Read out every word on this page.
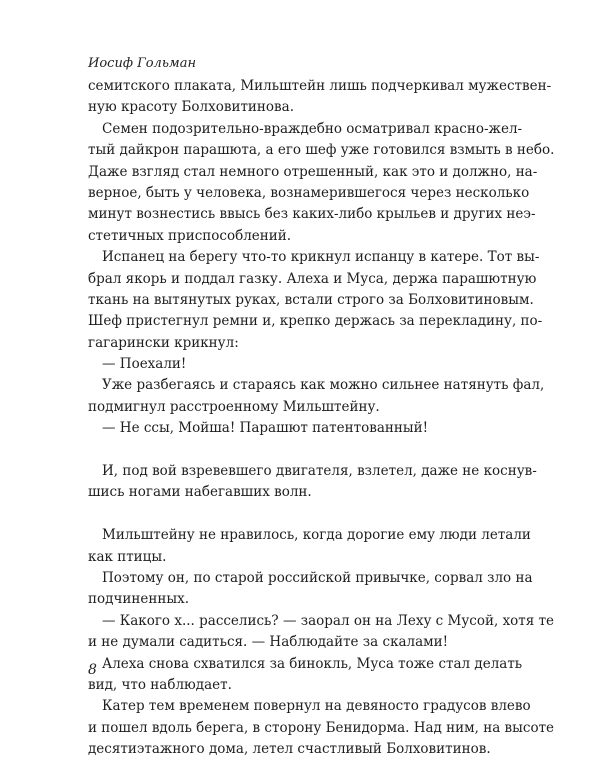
Иосиф Гольман
семитского плаката, Мильштейн лишь подчеркивал мужествен-
ную красоту Болховитинова.
Семен подозрительно-враждебно осматривал красно-жел-
тый дайкрон парашюта, а его шеф уже готовился взмыть в небо.
Даже взгляд стал немного отрешенный, как это и должно, на-
верное, быть у человека, вознамерившегося через несколько
минут вознестись ввысь без каких-либо крыльев и других неэ-
стетичных приспособлений.
Испанец на берегу что-то крикнул испанцу в катере. Тот вы-
брал якорь и поддал газку. Алеха и Муса, держа парашютную
ткань на вытянутых руках, встали строго за Болховитиновым.
Шеф пристегнул ремни и, крепко держась за перекладину, по-
гагарински крикнул:
— Поехали!
Уже разбегаясь и стараясь как можно сильнее натянуть фал,
подмигнул расстроенному Мильштейну.
— Не ссы, Мойша! Парашют патентованный!
И, под вой взревевшего двигателя, взлетел, даже не коснув-
шись ногами набегавших волн.
Мильштейну не нравилось, когда дорогие ему люди летали
как птицы.
Поэтому он, по старой российской привычке, сорвал зло на
подчиненных.
— Какого х... расселись? — заорал он на Леху с Мусой, хотя те
и не думали садиться. — Наблюдайте за скалами!
Алеха снова схватился за бинокль, Муса тоже стал делать
вид, что наблюдает.
Катер тем временем повернул на девяносто градусов влево
и пошел вдоль берега, в сторону Бенидорма. Над ним, на высоте
десятиэтажного дома, летел счастливый Болховитинов.
8
